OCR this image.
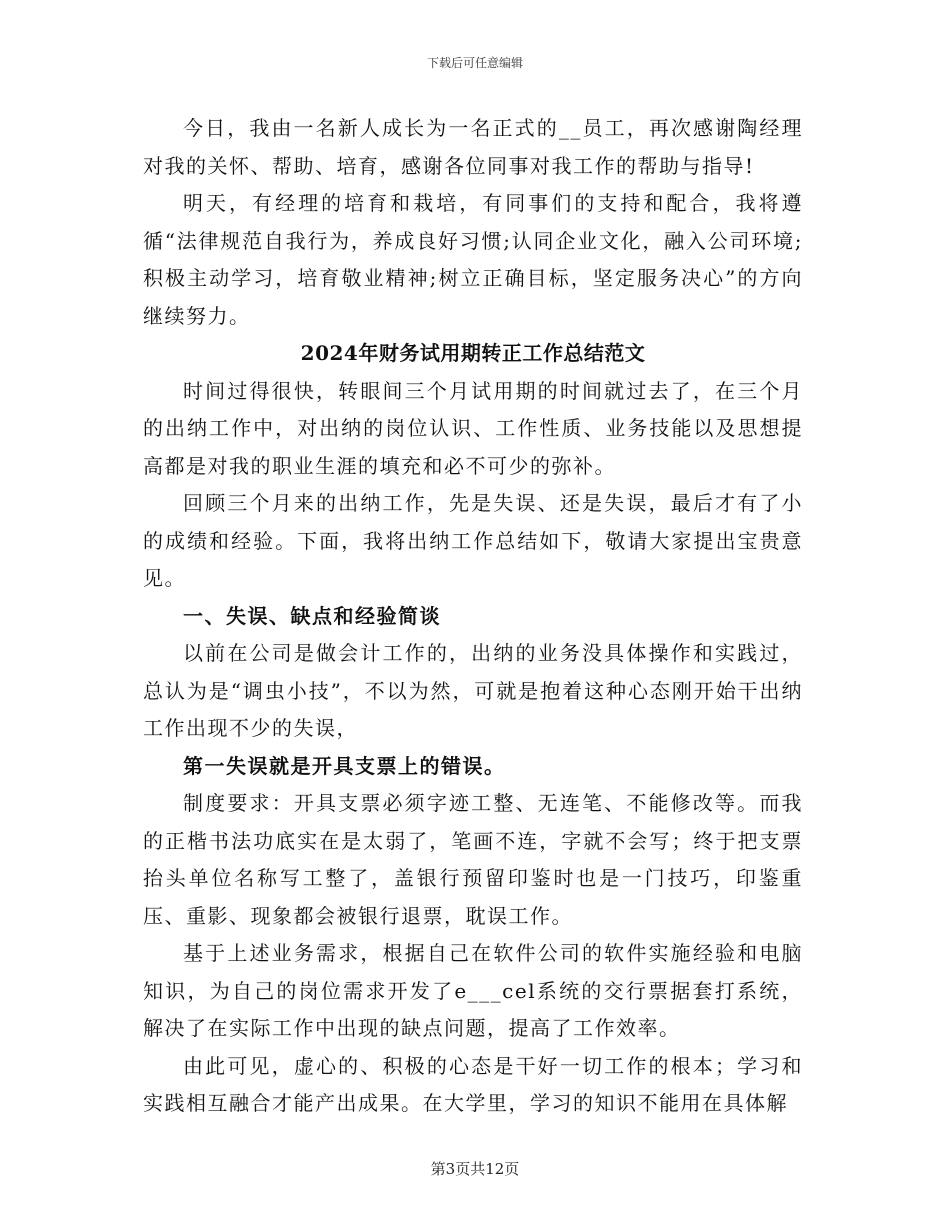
下载后可任意编辑

今日，我由一名新人成长为一名正式的__员工，再次感谢陶经理对我的关怀、帮助、培育，感谢各位同事对我工作的帮助与指导!

明天，有经理的培育和栽培，有同事们的支持和配合，我将遵循“法律规范自我行为，养成良好习惯;认同企业文化，融入公司环境;积极主动学习，培育敬业精神;树立正确目标，坚定服务决心”的方向继续努力。

2024年财务试用期转正工作总结范文

时间过得很快，转眼间三个月试用期的时间就过去了，在三个月的出纳工作中，对出纳的岗位认识、工作性质、业务技能以及思想提高都是对我的职业生涯的填充和必不可少的弥补。

回顾三个月来的出纳工作，先是失误、还是失误，最后才有了小的成绩和经验。下面，我将出纳工作总结如下，敬请大家提出宝贵意见。

一、失误、缺点和经验简谈

以前在公司是做会计工作的，出纳的业务没具体操作和实践过，总认为是“调虫小技”，不以为然，可就是抱着这种心态刚开始干出纳工作出现不少的失误，

第一失误就是开具支票上的错误。

制度要求：开具支票必须字迹工整、无连笔、不能修改等。而我的正楷书法功底实在是太弱了，笔画不连，字就不会写；终于把支票抬头单位名称写工整了，盖银行预留印鉴时也是一门技巧，印鉴重压、重影、现象都会被银行退票，耽误工作。

基于上述业务需求，根据自己在软件公司的软件实施经验和电脑知识，为自己的岗位需求开发了e___cel系统的交行票据套打系统，解决了在实际工作中出现的缺点问题，提高了工作效率。

由此可见，虚心的、积极的心态是干好一切工作的根本；学习和实践相互融合才能产出成果。在大学里，学习的知识不能用在具体解

第3页共12页
